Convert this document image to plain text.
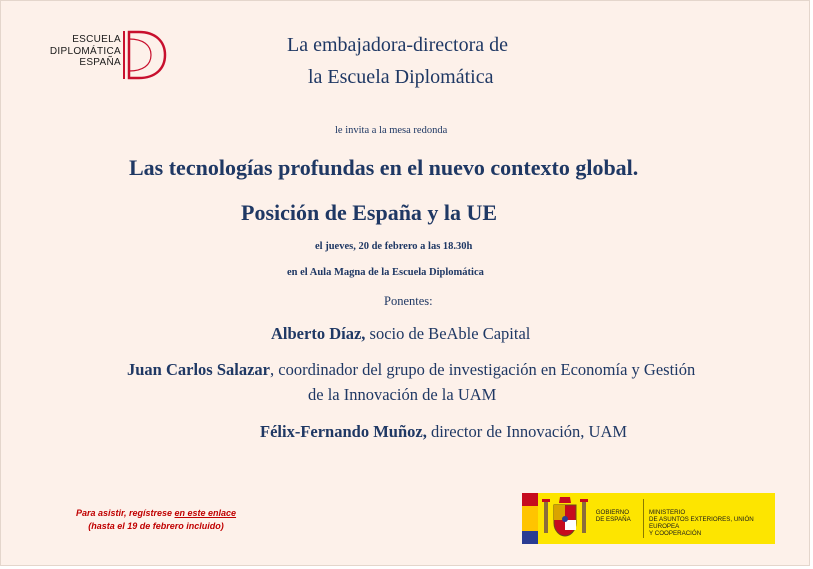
ESCUELA
DIPLOMÁTICA
ESPAÑA
La embajadora-directora de
la Escuela Diplomática
le invita a la mesa redonda
Las tecnologías profundas en el nuevo contexto global.
Posición de España y la UE
el jueves, 20 de febrero a las 18.30h
en el Aula Magna de la Escuela Diplomática
Ponentes:
Alberto Díaz, socio de BeAble Capital
Juan Carlos Salazar, coordinador del grupo de investigación en Economía y Gestión
de la Innovación de la UAM
Félix-Fernando Muñoz, director de Innovación, UAM
Para asistir, regístrese en este enlace
(hasta el 19 de febrero incluido)
GOBIERNO
DE ESPAÑA
MINISTERIO
DE ASUNTOS EXTERIORES, UNIÓN EUROPEA
Y COOPERACIÓN
